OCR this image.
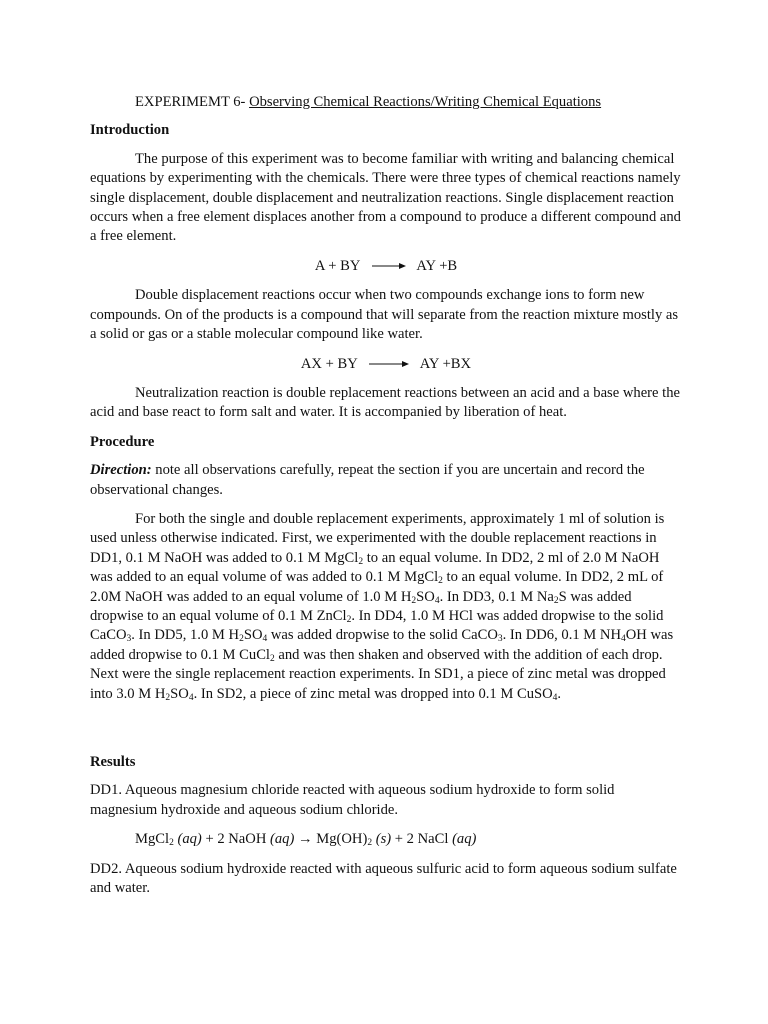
EXPERIMEMT 6- Observing Chemical Reactions/Writing Chemical Equations

Introduction

The purpose of this experiment was to become familiar with writing and balancing chemical equations by experimenting with the chemicals. There were three types of chemical reactions namely single displacement, double displacement and neutralization reactions. Single displacement reaction occurs when a free element displaces another from a compound to produce a different compound and a free element.

A + BY	AY +B

Double displacement reactions occur when two compounds exchange ions to form new compounds. On of the products is a compound that will separate from the reaction mixture mostly as a solid or gas or a stable molecular compound like water.

AX + BY	AY +BX

Neutralization reaction is double replacement reactions between an acid and a base where the acid and base react to form salt and water. It is accompanied by liberation of heat.

Procedure

Direction: note all observations carefully, repeat the section if you are uncertain and record the observational changes.

For both the single and double replacement experiments, approximately 1 ml of solution is used unless otherwise indicated. First, we experimented with the double replacement reactions in DD1, 0.1 M NaOH was added to 0.1 M MgCl$_2$ to an equal volume. In DD2, 2 ml of 2.0 M NaOH was added to an equal volume of was added to 0.1 M MgCl$_2$ to an equal volume. In DD2, 2 mL of 2.0M NaOH was added to an equal volume of 1.0 M $H_2SO_4$. In DD3, 0.1 M $Na_2S$ was added dropwise to an equal volume of 0.1 M ZnCl$_2$. In DD4, 1.0 M HCl was added dropwise to the solid CaCO$_3$. In DD5, 1.0 M $H_2SO_4$ was added dropwise to the solid CaCO$_3$. In DD6, 0.1 M $NH_4OH$ was added dropwise to 0.1 M CuCl$_2$ and was then shaken and observed with the addition of each drop. Next were the single replacement reaction experiments. In SD1, a piece of zinc metal was dropped into 3.0 M $H_2SO_4$. In SD2, a piece of zinc metal was dropped into 0.1 M CuSO$_4$.

Results

DD1. Aqueous magnesium chloride reacted with aqueous sodium hydroxide to form solid magnesium hydroxide and aqueous sodium chloride.

MgCl$_2$ (aq) + 2 NaOH $(aq) \to Mg(OH)_2$ (s) + 2 NaCl (aq)

DD2. Aqueous sodium hydroxide reacted with aqueous sulfuric acid to form aqueous sodium sulfate and water.
